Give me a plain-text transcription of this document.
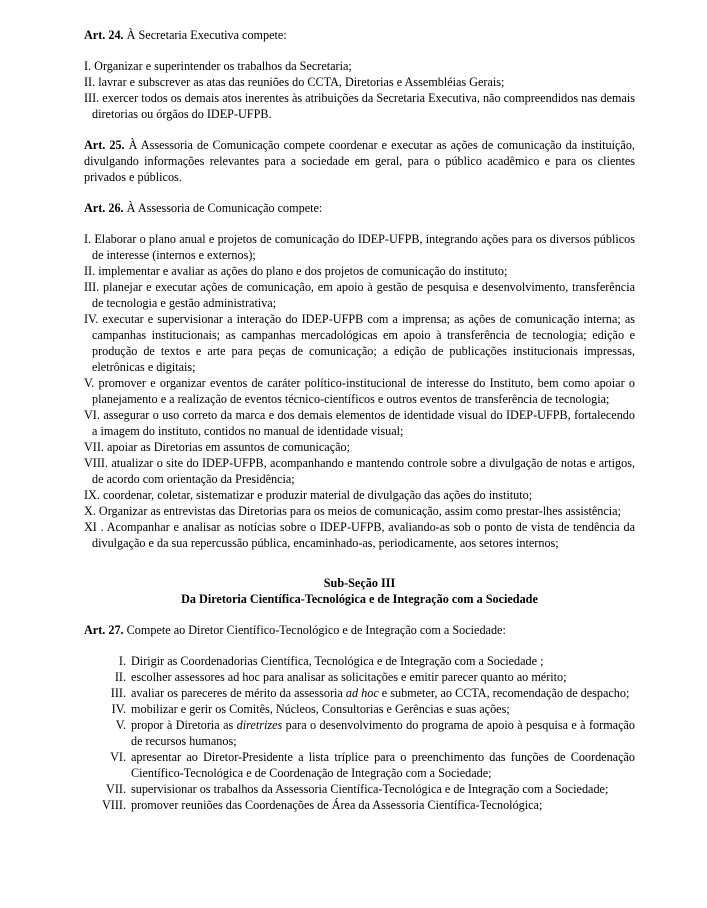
Art. 24. À Secretaria Executiva compete:

I. Organizar e superintender os trabalhos da Secretaria;
II. lavrar e subscrever as atas das reuniões do CCTA, Diretorias e Assembléias Gerais;
III. exercer todos os demais atos inerentes às atribuições da Secretaria Executiva, não compreendidos nas demais diretorias ou órgãos do IDEP-UFPB.

Art. 25. À Assessoria de Comunicação compete coordenar e executar as ações de comunicação da instituição, divulgando informações relevantes para a sociedade em geral, para o público acadêmico e para os clientes privados e públicos.

Art. 26. À Assessoria de Comunicação compete:

I. Elaborar o plano anual e projetos de comunicação do IDEP-UFPB, integrando ações para os diversos públicos de interesse (internos e externos);
II. implementar e avaliar as ações do plano e dos projetos de comunicação do instituto;
III. planejar e executar ações de comunicação, em apoio à gestão de pesquisa e desenvolvimento, transferência de tecnologia e gestão administrativa;
IV. executar e supervisionar a interação do IDEP-UFPB com a imprensa; as ações de comunicação interna; as campanhas institucionais; as campanhas mercadológicas em apoio à transferência de tecnologia; edição e produção de textos e arte para peças de comunicação; a edição de publicações institucionais impressas, eletrônicas e digitais;
V. promover e organizar eventos de caráter político-institucional de interesse do Instituto, bem como apoiar o planejamento e a realização de eventos técnico-científicos e outros eventos de transferência de tecnologia;
VI. assegurar o uso correto da marca e dos demais elementos de identidade visual do IDEP-UFPB, fortalecendo a imagem do instituto, contidos no manual de identidade visual;
VII. apoiar as Diretorias em assuntos de comunicação;
VIII. atualizar o site do IDEP-UFPB, acompanhando e mantendo controle sobre a divulgação de notas e artigos, de acordo com orientação da Presidência;
IX. coordenar, coletar, sistematizar e produzir material de divulgação das ações do instituto;
X. Organizar as entrevistas das Diretorias para os meios de comunicação, assim como prestar-lhes assistência;
XI . Acompanhar e analisar as notícias sobre o IDEP-UFPB, avaliando-as sob o ponto de vista de tendência da divulgação e da sua repercussão pública, encaminhado-as, periodicamente, aos setores internos;
Sub-Seção III
Da Diretoria Científica-Tecnológica e de Integração com a Sociedade

Art. 27. Compete ao Diretor Científico-Tecnológico e de Integração com a Sociedade:

I. Dirigir as Coordenadorias Científica, Tecnológica e de Integração com a Sociedade ;
II. escolher assessores ad hoc para analisar as solicitações e emitir parecer quanto ao mérito;
III. avaliar os pareceres de mérito da assessoria ad hoc e submeter, ao CCTA, recomendação de despacho;
IV. mobilizar e gerir os Comitês, Núcleos, Consultorias e Gerências e suas ações;
V. propor à Diretoria as diretrizes para o desenvolvimento do programa de apoio à pesquisa e à formação de recursos humanos;
VI. apresentar ao Diretor-Presidente a lista tríplice para o preenchimento das funções de Coordenação Científico-Tecnológica e de Coordenação de Integração com a Sociedade;
VII. supervisionar os trabalhos da Assessoria Científica-Tecnológica e de Integração com a Sociedade;
VIII. promover reuniões das Coordenações de Área da Assessoria Científica-Tecnológica;
